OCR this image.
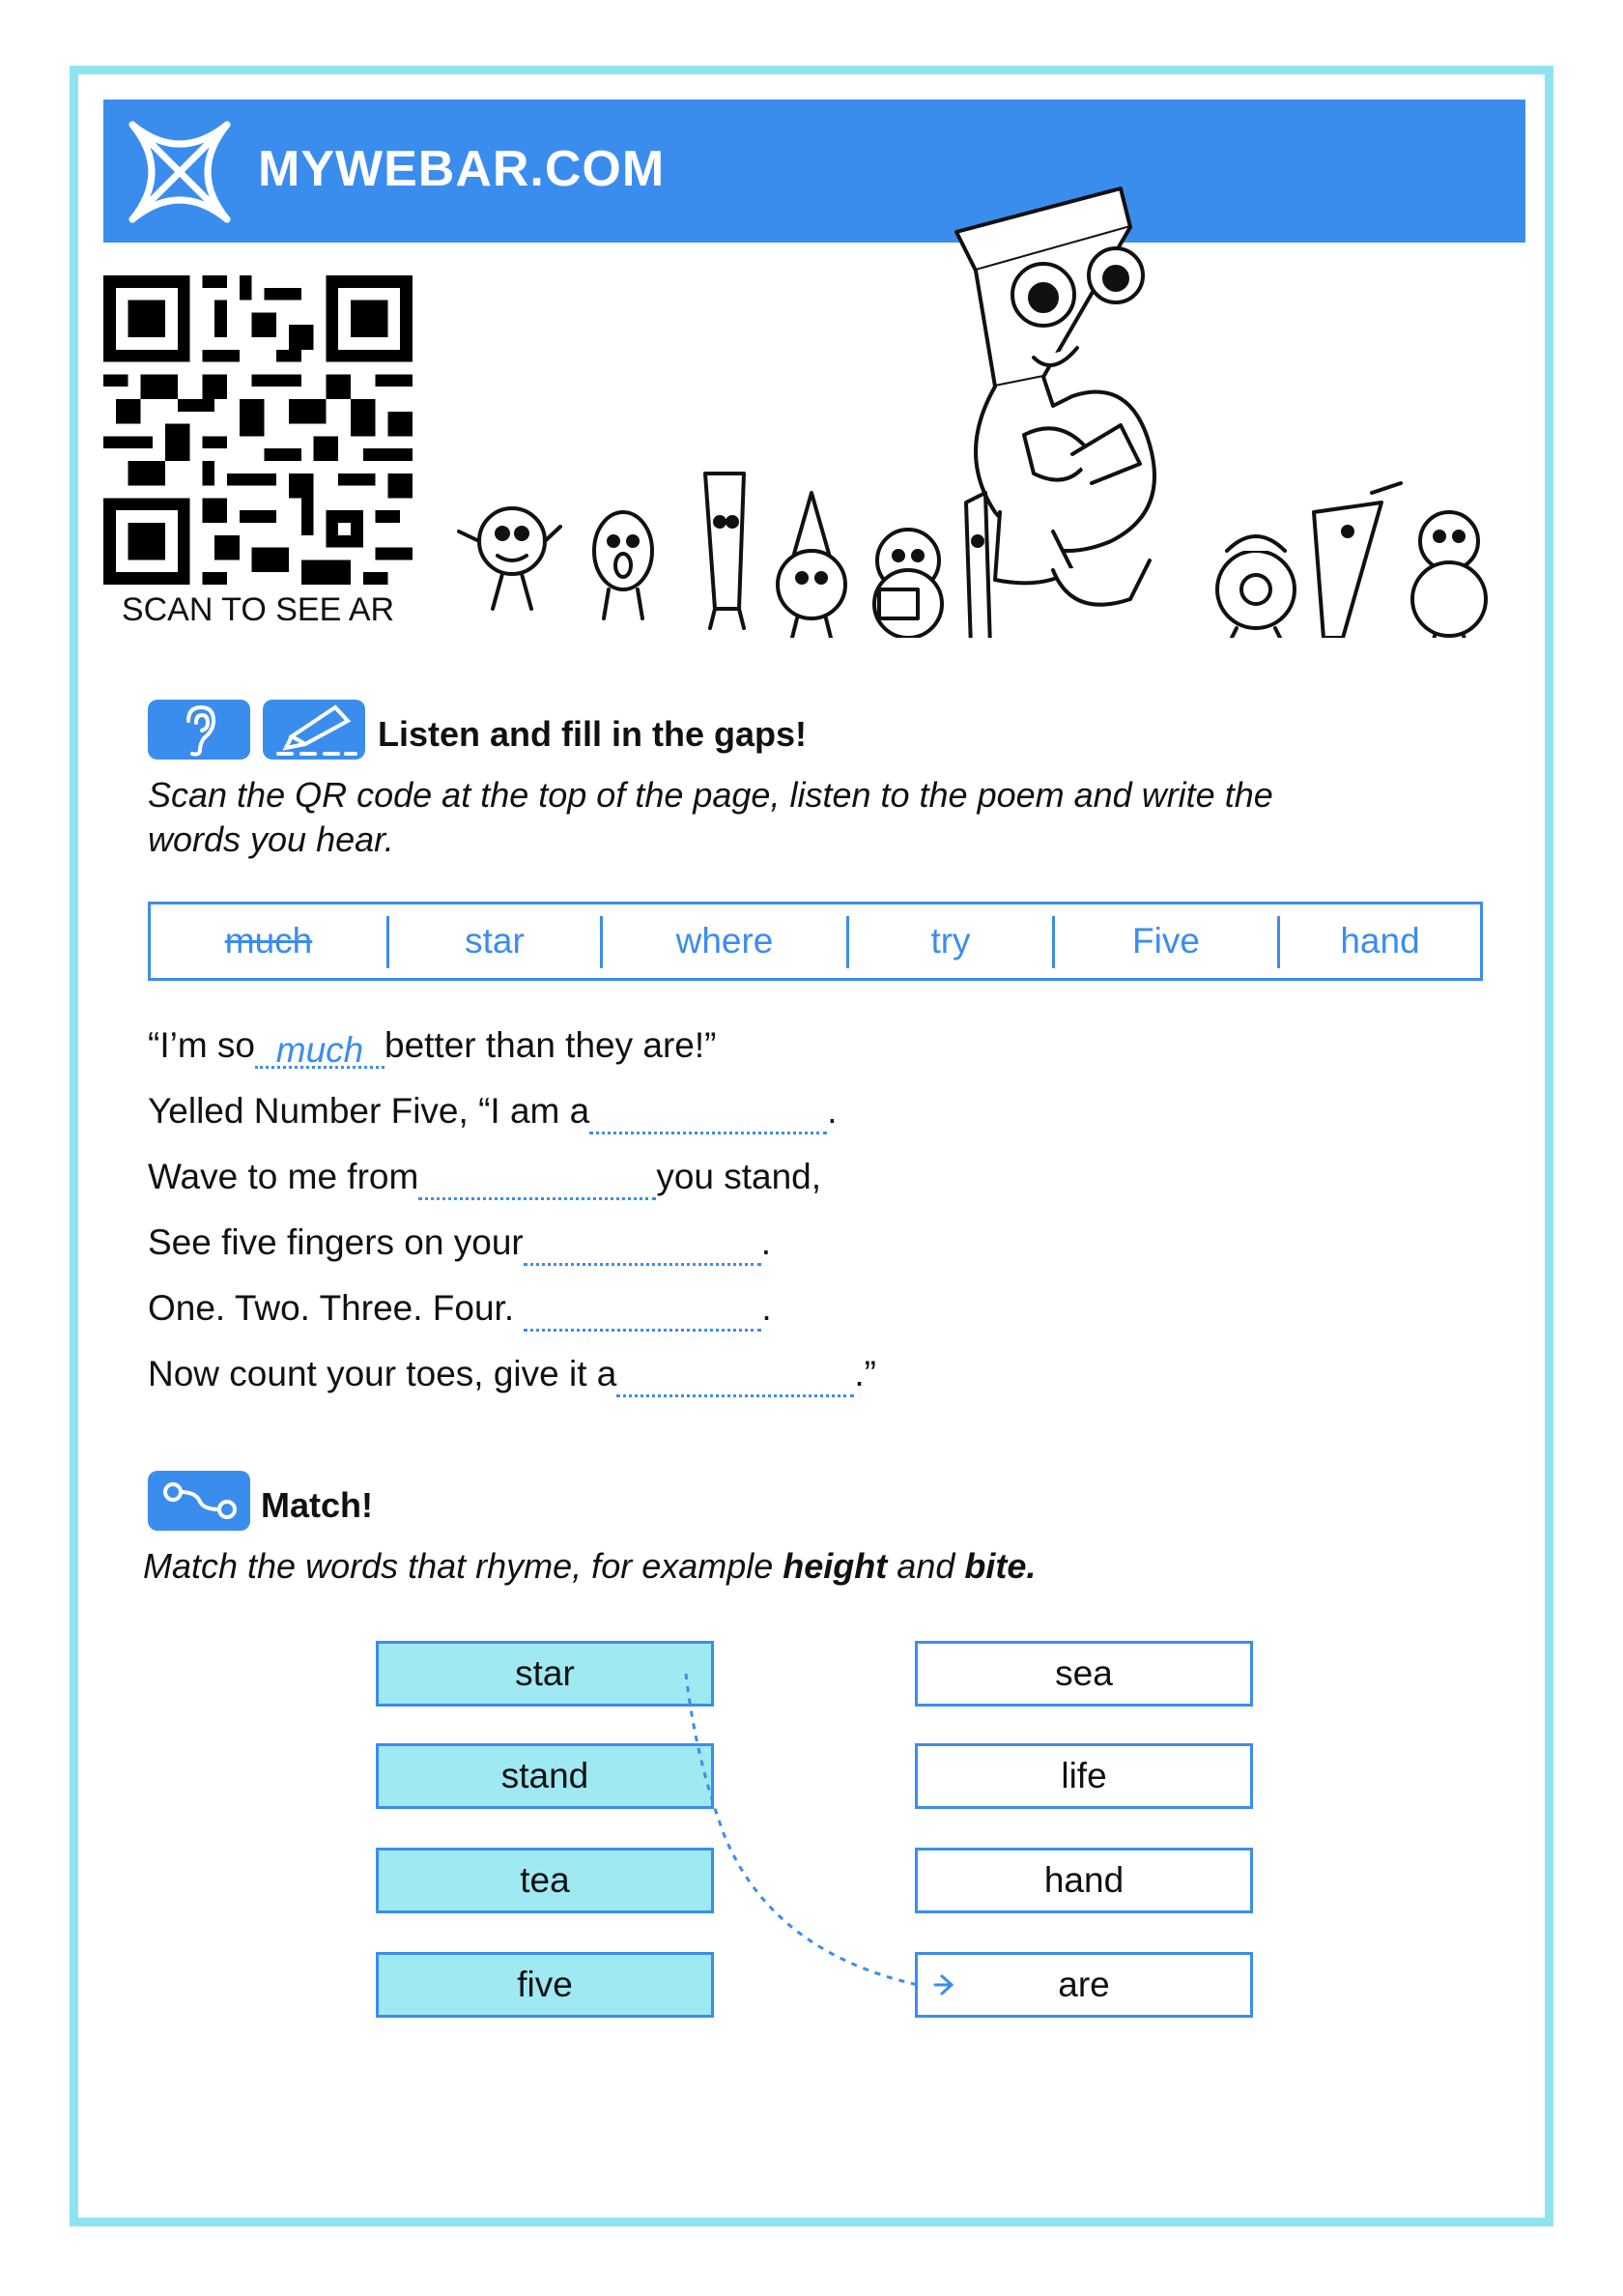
MYWEBAR.COM
SCAN TO SEE AR
Listen and fill in the gaps!
Scan the QR code at the top of the page, listen to the poem and write the
words you hear.
much	star	where	try	Five	hand
“I’m so much better than they are!”
Yelled Number Five, “I am a	.
Wave to me from	you stand,
See five fingers on your	.
One. Two. Three. Four.	.
Now count your toes, give it a	.”
Match!
Match the words that rhyme, for example height and bite.
star
stand
tea
five
sea
life
hand
are
